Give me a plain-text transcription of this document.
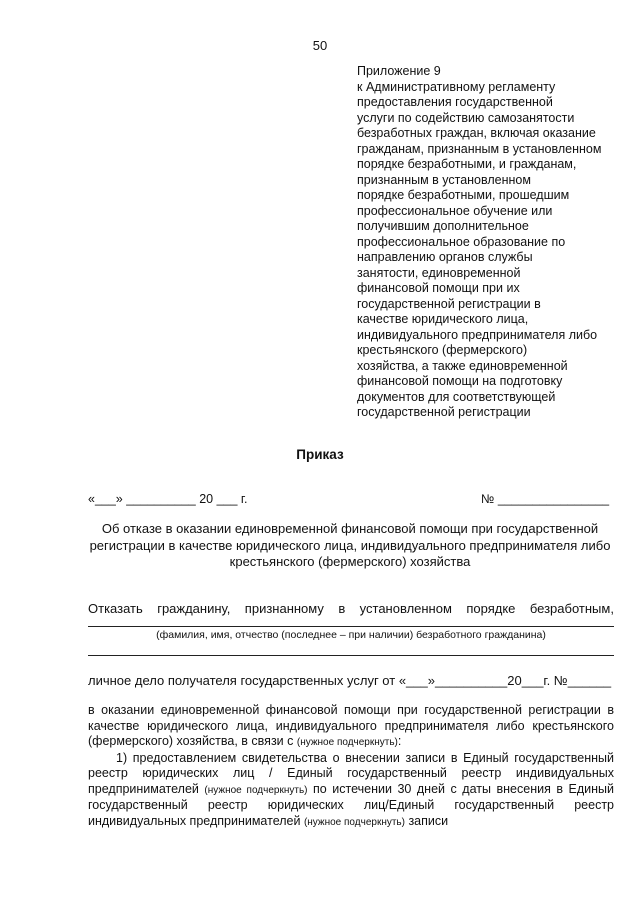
50
Приложение 9
к Административному регламенту
предоставления государственной
услуги по содействию самозанятости
безработных граждан, включая оказание
гражданам, признанным в установленном
порядке безработными, и гражданам,
признанным в установленном
порядке безработными, прошедшим
профессиональное обучение или
получившим дополнительное
профессиональное образование по
направлению органов службы
занятости, единовременной
финансовой помощи при их
государственной регистрации в
качестве юридического лица,
индивидуального предпринимателя либо
крестьянского (фермерского)
хозяйства, а также единовременной
финансовой помощи на подготовку
документов для соответствующей
государственной регистрации
Приказ
«___» __________ 20 ___ г.	№ ________________
Об отказе в оказании единовременной финансовой помощи при государственной
регистрации в качестве юридического лица, индивидуального предпринимателя либо
крестьянского (фермерского) хозяйства
Отказать гражданину, признанному в установленном порядке безработным,
(фамилия, имя, отчество (последнее – при наличии) безработного гражданина)
личное дело получателя государственных услуг от «___»__________20___г. №______

в оказании единовременной финансовой помощи при государственной регистрации в качестве юридического лица, индивидуального предпринимателя либо крестьянского (фермерского) хозяйства, в связи с (нужное подчеркнуть):

1) предоставлением свидетельства о внесении записи в Единый государственный реестр юридических лиц / Единый государственный реестр индивидуальных предпринимателей (нужное подчеркнуть) по истечении 30 дней с даты внесения в Единый государственный реестр юридических лиц/Единый государственный реестр индивидуальных предпринимателей (нужное подчеркнуть) записи
